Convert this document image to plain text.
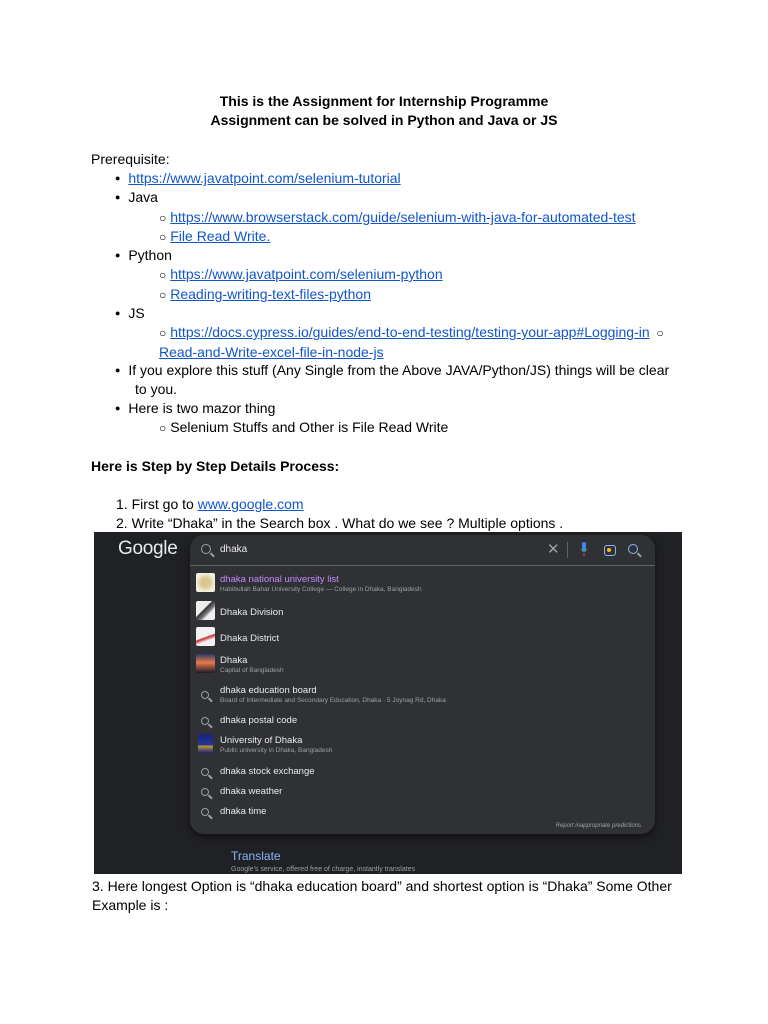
This is the Assignment for Internship Programme
Assignment can be solved in Python and Java or JS
Prerequisite:
● https://www.javatpoint.com/selenium-tutorial
● Java
○ https://www.browserstack.com/guide/selenium-with-java-for-automated-test
○ File Read Write.
● Python
○ https://www.javatpoint.com/selenium-python
○ Reading-writing-text-files-python
● JS
○ https://docs.cypress.io/guides/end-to-end-testing/testing-your-app#Logging-in ○
Read-and-Write-excel-file-in-node-js
● If you explore this stuff (Any Single from the Above JAVA/Python/JS) things will be clear
to you.
● Here is two mazor thing
○ Selenium Stuffs and Other is File Read Write
Here is Step by Step Details Process:
1. First go to www.google.com
2. Write “Dhaka” in the Search box . What do we see ? Multiple options .
Google	dhaka	✕
dhaka national university list
Habibullah Bahar University College — College in Dhaka, Bangladesh
Dhaka Division
Dhaka District
Dhaka
Capital of Bangladesh
dhaka education board
Board of Intermediate and Secondary Education, Dhaka · 5 Joynag Rd, Dhaka
dhaka postal code
University of Dhaka
Public university in Dhaka, Bangladesh
dhaka stock exchange
dhaka weather
dhaka time
Report inappropriate predictions
Translate
Google's service, offered free of charge, instantly translates
3. Here longest Option is “dhaka education board” and shortest option is “Dhaka” Some Other
Example is :
